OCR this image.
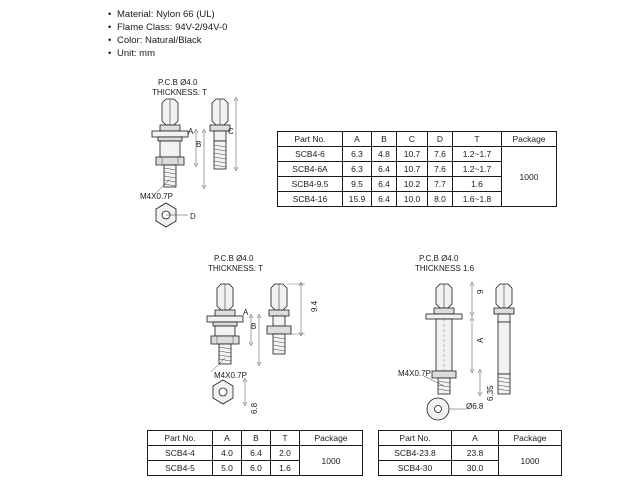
• Material: Nylon 66 (UL)
• Flame Class: 94V-2/94V-0
• Color: Natural/Black
• Unit: mm
P.C.B Ø4.0
THICKNESS: T
A
B
C
D
M4X0.7P
Part No.	A	B	C	D	T	Package
SCB4-6	6.3	4.8	10.7	7.6	1.2~1.7	1000
SCB4-6A	6.3	6.4	10.7	7.6	1.2~1.7	
SCB4-9.5	9.5	6.4	10.2	7.7	1.6	
SCB4-16	15.9	6.4	10.0	8.0	1.6~1.8	
P.C.B Ø4.0
THICKNESS: T
A
B
9.4
6.8
M4X0.7P
P.C.B Ø4.0
THICKNESS 1.6
9
A
6.35
Ø6.8
M4X0.7P
Part No.	A	B	T	Package
SCB4-4	4.0	6.4	2.0	1000
SCB4-5	5.0	6.0	1.6	
Part No.	A	Package
SCB4-23.8	23.8	1000
SCB4-30	30.0	
